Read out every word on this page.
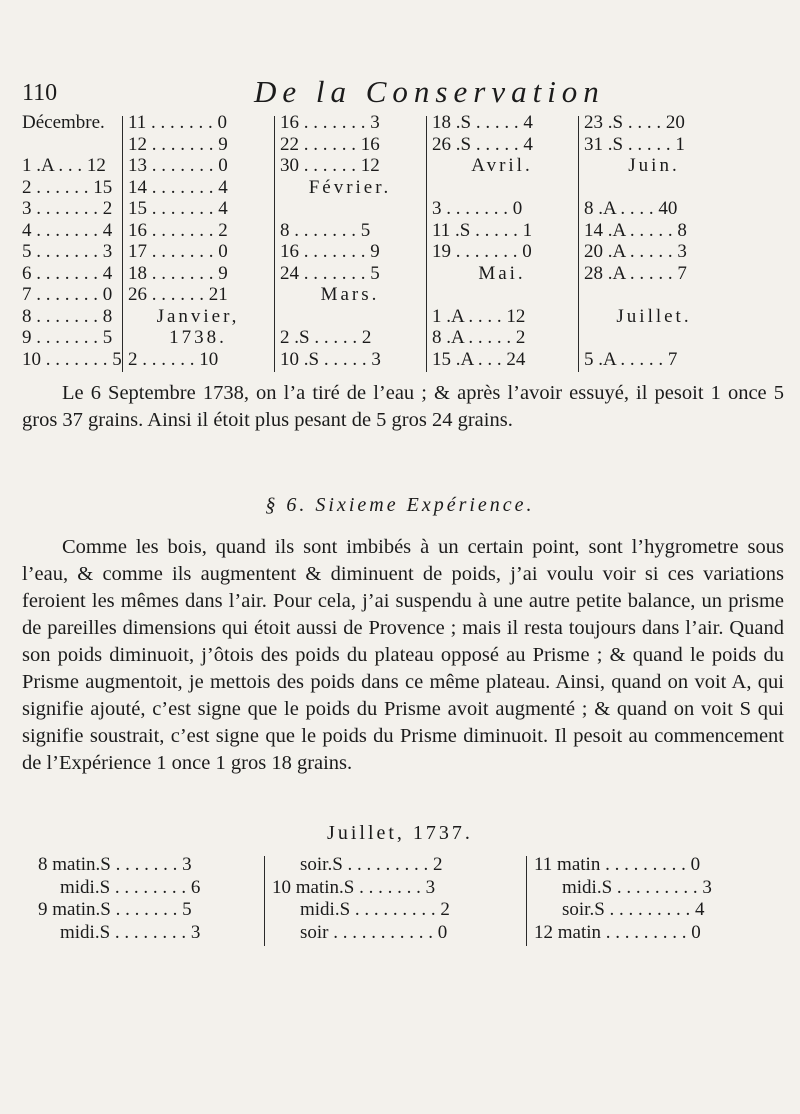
110	De la Conservation
Décembre.
1 .A . . . 12
2 . . . . . . 15
3 . . . . . . . 2
4 . . . . . . . 4
5 . . . . . . . 3
6 . . . . . . . 4
7 . . . . . . . 0
8 . . . . . . . 8
9 . . . . . . . 5
10 . . . . . . . 5
11 . . . . . . . 0
12 . . . . . . . 9
13 . . . . . . . 0
14 . . . . . . . 4
15 . . . . . . . 4
16 . . . . . . . 2
17 . . . . . . . 0
18 . . . . . . . 9
26 . . . . . . 21
Janvier,
1738.
2 . . . . . . 10
16 . . . . . . . 3
22 . . . . . . 16
30 . . . . . . 12
Février.
8 . . . . . . . 5
16 . . . . . . . 9
24 . . . . . . . 5
Mars.
2 .S . . . . . 2
10 .S . . . . . 3
18 .S . . . . . 4
26 .S . . . . . 4
Avril.
3 . . . . . . . 0
11 .S . . . . . 1
19 . . . . . . . 0
Mai.
1 .A . . . . 12
8 .A . . . . . 2
15 .A . . . 24
23 .S . . . . 20
31 .S . . . . . 1
Juin.
8 .A . . . . 40
14 .A . . . . . 8
20 .A . . . . . 3
28 .A . . . . . 7
Juillet.
5 .A . . . . . 7

Le 6 Septembre 1738, on l’a tiré de l’eau ; & après l’avoir essuyé, il pesoit 1 once 5 gros 37 grains. Ainsi il étoit plus pesant de 5 gros 24 grains.

§ 6. Sixieme Expérience.

Comme les bois, quand ils sont imbibés à un certain point, sont l’hygrometre sous l’eau, & comme ils augmentent & diminuent de poids, j’ai voulu voir si ces variations feroient les mêmes dans l’air. Pour cela, j’ai suspendu à une autre petite balance, un prisme de pareilles dimensions qui étoit aussi de Provence ; mais il resta toujours dans l’air. Quand son poids diminuoit, j’ôtois des poids du plateau opposé au Prisme ; & quand le poids du Prisme augmentoit, je mettois des poids dans ce même plateau. Ainsi, quand on voit A, qui signifie ajouté, c’est signe que le poids du Prisme avoit augmenté ; & quand on voit S qui signifie soustrait, c’est signe que le poids du Prisme diminuoit. Il pesoit au commencement de l’Expérience 1 once 1 gros 18 grains.

Juillet, 1737.
8 matin.S . . . . . . . 3
midi.S . . . . . . . . 6
9 matin.S . . . . . . . 5
midi.S . . . . . . . . 3
soir.S . . . . . . . . . 2
10 matin.S . . . . . . . 3
midi.S . . . . . . . . . 2
soir . . . . . . . . . . . 0
11 matin . . . . . . . . . 0
midi.S . . . . . . . . . 3
soir.S . . . . . . . . . 4
12 matin . . . . . . . . . 0
